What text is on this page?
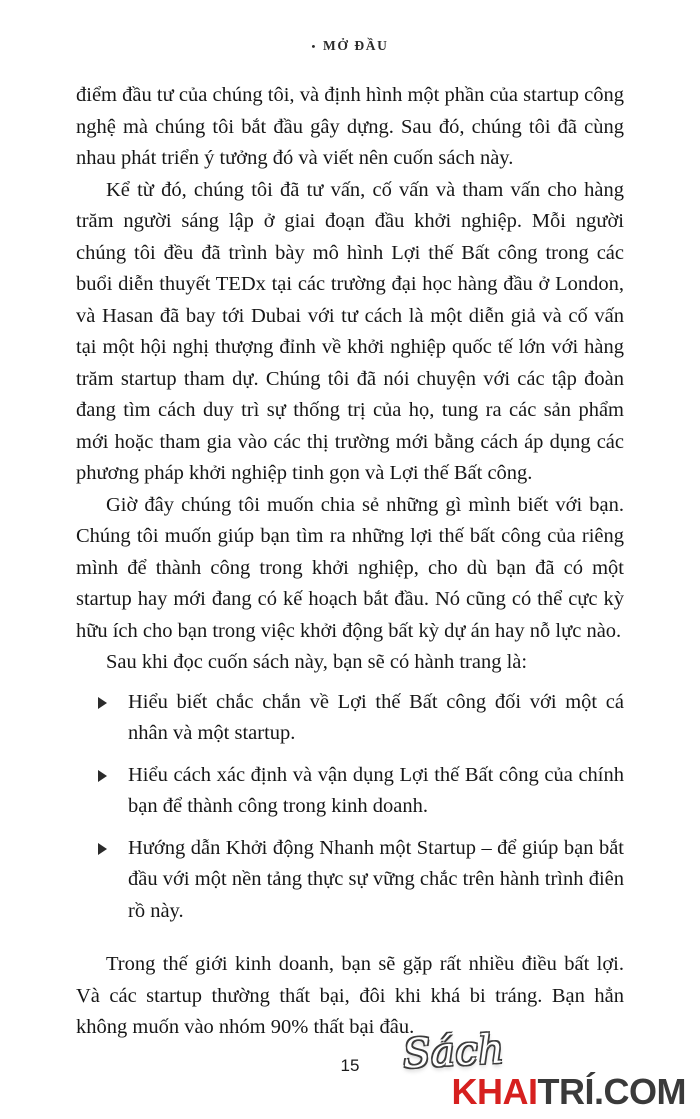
• MỞ ĐẦU

điểm đầu tư của chúng tôi, và định hình một phần của startup công nghệ mà chúng tôi bắt đầu gây dựng. Sau đó, chúng tôi đã cùng nhau phát triển ý tưởng đó và viết nên cuốn sách này.

Kể từ đó, chúng tôi đã tư vấn, cố vấn và tham vấn cho hàng trăm người sáng lập ở giai đoạn đầu khởi nghiệp. Mỗi người chúng tôi đều đã trình bày mô hình Lợi thế Bất công trong các buổi diễn thuyết TEDx tại các trường đại học hàng đầu ở London, và Hasan đã bay tới Dubai với tư cách là một diễn giả và cố vấn tại một hội nghị thượng đỉnh về khởi nghiệp quốc tế lớn với hàng trăm startup tham dự. Chúng tôi đã nói chuyện với các tập đoàn đang tìm cách duy trì sự thống trị của họ, tung ra các sản phẩm mới hoặc tham gia vào các thị trường mới bằng cách áp dụng các phương pháp khởi nghiệp tinh gọn và Lợi thế Bất công.

Giờ đây chúng tôi muốn chia sẻ những gì mình biết với bạn. Chúng tôi muốn giúp bạn tìm ra những lợi thế bất công của riêng mình để thành công trong khởi nghiệp, cho dù bạn đã có một startup hay mới đang có kế hoạch bắt đầu. Nó cũng có thể cực kỳ hữu ích cho bạn trong việc khởi động bất kỳ dự án hay nỗ lực nào.

Sau khi đọc cuốn sách này, bạn sẽ có hành trang là:

Hiểu biết chắc chắn về Lợi thế Bất công đối với một cá nhân và một startup.
Hiểu cách xác định và vận dụng Lợi thế Bất công của chính bạn để thành công trong kinh doanh.
Hướng dẫn Khởi động Nhanh một Startup – để giúp bạn bắt đầu với một nền tảng thực sự vững chắc trên hành trình điên rồ này.

Trong thế giới kinh doanh, bạn sẽ gặp rất nhiều điều bất lợi. Và các startup thường thất bại, đôi khi khá bi tráng. Bạn hẳn không muốn vào nhóm 90% thất bại đâu.

15	Sách
KHAITRÍ.COM
